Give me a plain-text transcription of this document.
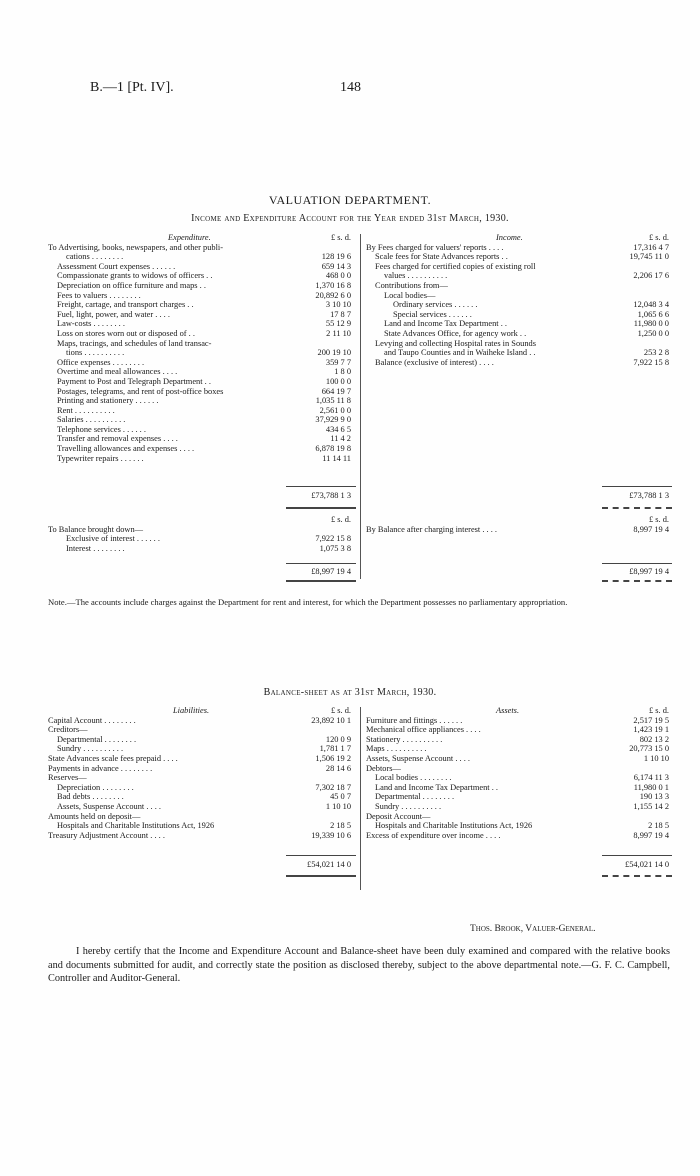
B.—1 [Pt. IV].	148
VALUATION DEPARTMENT.
Income and Expenditure Account for the Year ended 31st March, 1930.
Expenditure.	£ s. d.
To Advertising, books, newspapers, and other publi-
cations . . . . . . . .	128 19 6
Assessment Court expenses . . . . . .	659 14 3
Compassionate grants to widows of officers . .	468 0 0
Depreciation on office furniture and maps . .	1,370 16 8
Fees to valuers . . . . . . . .	20,892 6 0
Freight, cartage, and transport charges . .	3 10 10
Fuel, light, power, and water . . . .	17 8 7
Law-costs . . . . . . . .	55 12 9
Loss on stores worn out or disposed of . .	2 11 10
Maps, tracings, and schedules of land transac-
tions . . . . . . . . . .	200 19 10
Office expenses . . . . . . . .	359 7 7
Overtime and meal allowances . . . .	1 8 0
Payment to Post and Telegraph Department . .	100 0 0
Postages, telegrams, and rent of post-office boxes	664 19 7
Printing and stationery . . . . . .	1,035 11 8
Rent . . . . . . . . . .	2,561 0 0
Salaries . . . . . . . . . .	37,929 9 0
Telephone services . . . . . .	434 6 5
Transfer and removal expenses . . . .	11 4 2
Travelling allowances and expenses . . . .	6,878 19 8
Typewriter repairs . . . . . .	11 14 11
Income.	£ s. d.
By Fees charged for valuers' reports . . . .	17,316 4 7
Scale fees for State Advances reports . .	19,745 11 0
Fees charged for certified copies of existing roll
values . . . . . . . . . .	2,206 17 6
Contributions from—
Local bodies—
Ordinary services . . . . . .	12,048 3 4
Special services . . . . . .	1,065 6 6
Land and Income Tax Department . .	11,980 0 0
State Advances Office, for agency work . .	1,250 0 0
Levying and collecting Hospital rates in Sounds
and Taupo Counties and in Waiheke Island . .	253 2 8
Balance (exclusive of interest) . . . .	7,922 15 8
£73,788 1 3	£73,788 1 3
£ s. d.
To Balance brought down—
Exclusive of interest . . . . . .	7,922 15 8
Interest . . . . . . . .	1,075 3 8
£ s. d.
By Balance after charging interest . . . .	8,997 19 4
£8,997 19 4	£8,997 19 4
Note.—The accounts include charges against the Department for rent and interest, for which the Department possesses no parliamentary appropriation.
Balance-sheet as at 31st March, 1930.
Liabilities.	£ s. d.
Capital Account . . . . . . . .	23,892 10 1
Creditors—
Departmental . . . . . . . .	120 0 9
Sundry . . . . . . . . . .	1,781 1 7
State Advances scale fees prepaid . . . .	1,506 19 2
Payments in advance . . . . . . . .	28 14 6
Reserves—
Depreciation . . . . . . . .	7,302 18 7
Bad debts . . . . . . . .	45 0 7
Assets, Suspense Account . . . .	1 10 10
Amounts held on deposit—
Hospitals and Charitable Institutions Act, 1926	2 18 5
Treasury Adjustment Account . . . .	19,339 10 6
Assets.	£ s. d.
Furniture and fittings . . . . . .	2,517 19 5
Mechanical office appliances . . . .	1,423 19 1
Stationery . . . . . . . . . .	802 13 2
Maps . . . . . . . . . .	20,773 15 0
Assets, Suspense Account . . . .	1 10 10
Debtors—
Local bodies . . . . . . . .	6,174 11 3
Land and Income Tax Department . .	11,980 0 1
Departmental . . . . . . . .	190 13 3
Sundry . . . . . . . . . .	1,155 14 2
Deposit Account—
Hospitals and Charitable Institutions Act, 1926	2 18 5
Excess of expenditure over income . . . .	8,997 19 4
£54,021 14 0	£54,021 14 0
Thos. Brook, Valuer-General.
I hereby certify that the Income and Expenditure Account and Balance-sheet have been duly examined and compared with the relative books and documents submitted for audit, and correctly state the position as disclosed thereby, subject to the above departmental note.—G. F. C. Campbell, Controller and Auditor-General.
